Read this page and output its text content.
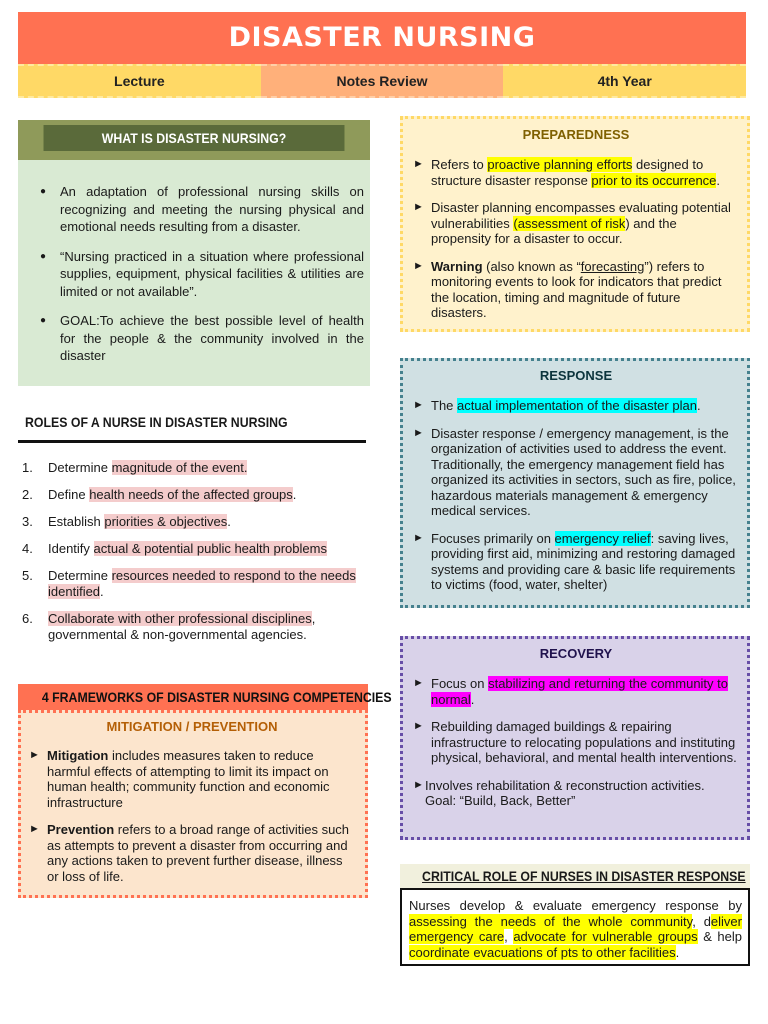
DISASTER NURSING
Lecture	Notes Review	4th Year
WHAT IS DISASTER NURSING?
● An adaptation of professional nursing skills on recognizing and meeting the nursing physical and emotional needs resulting from a disaster.
● “Nursing practiced in a situation where professional supplies, equipment, physical facilities & utilities are limited or not available”.
● GOAL:To achieve the best possible level of health for the people & the community involved in the disaster
ROLES OF A NURSE IN DISASTER NURSING
1.	Determine magnitude of the event.
2.	Define health needs of the affected groups.
3.	Establish priorities & objectives.
4.	Identify actual & potential public health problems
5.	Determine resources needed to respond to the needs identified.
6.	Collaborate with other professional disciplines, governmental & non-governmental agencies.
4 FRAMEWORKS OF DISASTER NURSING COMPETENCIES
MITIGATION / PREVENTION
► Mitigation includes measures taken to reduce harmful effects of attempting to limit its impact on human health; community function and economic infrastructure
► Prevention refers to a broad range of activities such as attempts to prevent a disaster from occurring and any actions taken to prevent further disease, illness or loss of life.
PREPAREDNESS
► Refers to proactive planning efforts designed to structure disaster response prior to its occurrence.
► Disaster planning encompasses evaluating potential vulnerabilities (assessment of risk) and the propensity for a disaster to occur.
► Warning (also known as “forecasting”) refers to monitoring events to look for indicators that predict the location, timing and magnitude of future disasters.
RESPONSE
► The actual implementation of the disaster plan.
► Disaster response / emergency management, is the organization of activities used to address the event. Traditionally, the emergency management field has organized its activities in sectors, such as fire, police, hazardous materials management & emergency medical services.
► Focuses primarily on emergency relief: saving lives, providing first aid, minimizing and restoring damaged systems and providing care & basic life requirements to victims (food, water, shelter)
RECOVERY
► Focus on stabilizing and returning the community to normal.
► Rebuilding damaged buildings & repairing infrastructure to relocating populations and instituting physical, behavioral, and mental health interventions.
► Involves rehabilitation & reconstruction activities.
Goal: “Build, Back, Better”
CRITICAL ROLE OF NURSES IN DISASTER RESPONSE
Nurses develop & evaluate emergency response by assessing the needs of the whole community, deliver emergency care, advocate for vulnerable groups & help coordinate evacuations of pts to other facilities.
